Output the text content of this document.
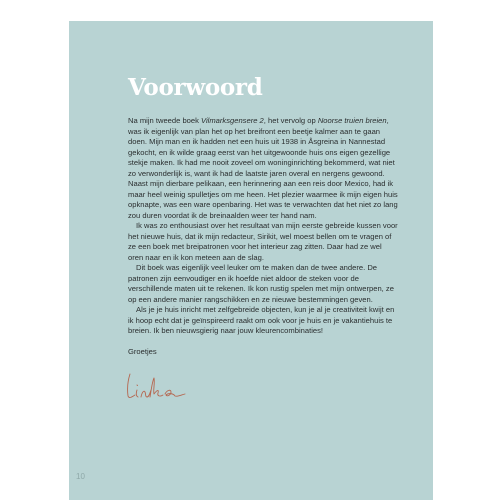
Voorwoord

Na mijn tweede boek Vilmarksgensere 2, het vervolg op Noorse truien breien, was ik eigenlijk van plan het op het breifront een beetje kalmer aan te gaan doen. Mijn man en ik hadden net een huis uit 1938 in Åsgreina in Nannestad gekocht, en ik wilde graag eerst van het uitgewoonde huis ons eigen gezellige stekje maken. Ik had me nooit zoveel om woninginrichting bekommerd, wat niet zo verwonderlijk is, want ik had de laatste jaren overal en nergens gewoond. Naast mijn dierbare pelikaan, een herinnering aan een reis door Mexico, had ik maar heel weinig spulletjes om me heen. Het plezier waarmee ik mijn eigen huis opknapte, was een ware openbaring. Het was te verwachten dat het niet zo lang zou duren voordat ik de breinaalden weer ter hand nam.

Ik was zo enthousiast over het resultaat van mijn eerste gebreide kussen voor het nieuwe huis, dat ik mijn redacteur, Sirikit, wel moest bellen om te vragen of ze een boek met breipatronen voor het interieur zag zitten. Daar had ze wel oren naar en ik kon meteen aan de slag.

Dit boek was eigenlijk veel leuker om te maken dan de twee andere. De patronen zijn eenvoudiger en ik hoefde niet aldoor de steken voor de verschillende maten uit te rekenen. Ik kon rustig spelen met mijn ontwerpen, ze op een andere manier rangschikken en ze nieuwe bestemmingen geven.

Als je je huis inricht met zelfgebreide objecten, kun je al je creativiteit kwijt en ik hoop echt dat je geïnspireerd raakt om ook voor je huis en je vakantiehuis te breien. Ik ben nieuwsgierig naar jouw kleurencombinaties!

Groetjes

10
